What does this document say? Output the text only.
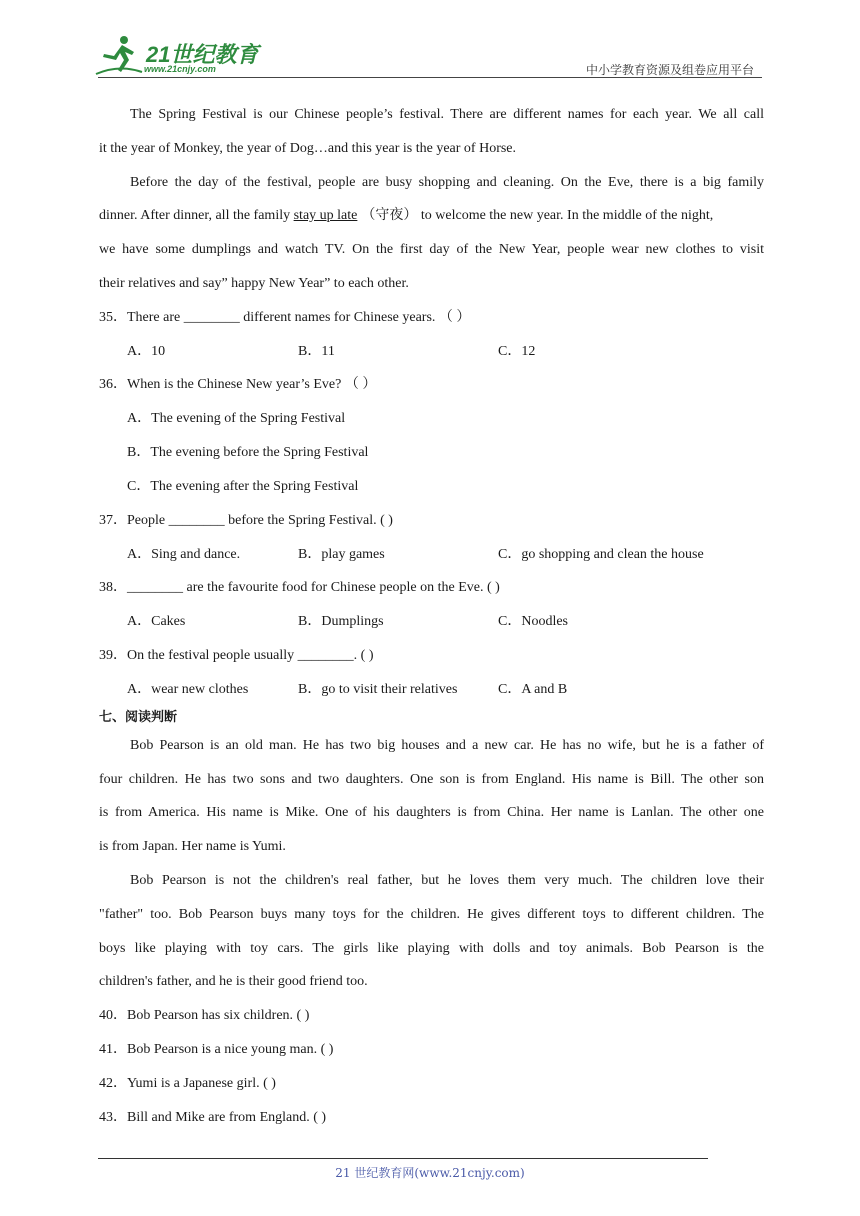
21世纪教育
www.21cnjy.com	中小学教育资源及组卷应用平台
The Spring Festival is our Chinese people’s festival. There are different names for each year. We all call
it the year of Monkey, the year of Dog…and this year is the year of Horse.
Before the day of the festival, people are busy shopping and cleaning. On the Eve, there is a big family
dinner. After dinner, all the family stay up late （守夜） to welcome the new year. In the middle of the night,
we have some dumplings and watch TV. On the first day of the New Year, people wear new clothes to visit
their relatives and say” happy New Year” to each other.
35．There are ________ different names for Chinese years. （ ）
A．10	B．11	C．12
36．When is the Chinese New year’s Eve? （ ）
A．The evening of the Spring Festival
B．The evening before the Spring Festival
C．The evening after the Spring Festival
37．People ________ before the Spring Festival. ( )
A．Sing and dance.	B．play games	C．go shopping and clean the house
38．________ are the favourite food for Chinese people on the Eve. ( )
A．Cakes	B．Dumplings	C．Noodles
39．On the festival people usually ________. ( )
A．wear new clothes	B．go to visit their relatives	C．A and B
七、阅读判断
Bob Pearson is an old man. He has two big houses and a new car. He has no wife, but he is a father of
four children. He has two sons and two daughters. One son is from England. His name is Bill. The other son
is from America. His name is Mike. One of his daughters is from China. Her name is Lanlan. The other one
is from Japan. Her name is Yumi.
Bob Pearson is not the children's real father, but he loves them very much. The children love their
"father" too. Bob Pearson buys many toys for the children. He gives different toys to different children. The
boys like playing with toy cars. The girls like playing with dolls and toy animals. Bob Pearson is the
children's father, and he is their good friend too.
40．Bob Pearson has six children. ( )
41．Bob Pearson is a nice young man. ( )
42．Yumi is a Japanese girl. ( )
43．Bill and Mike are from England. ( )
21 世纪教育网(www.21cnjy.com)
